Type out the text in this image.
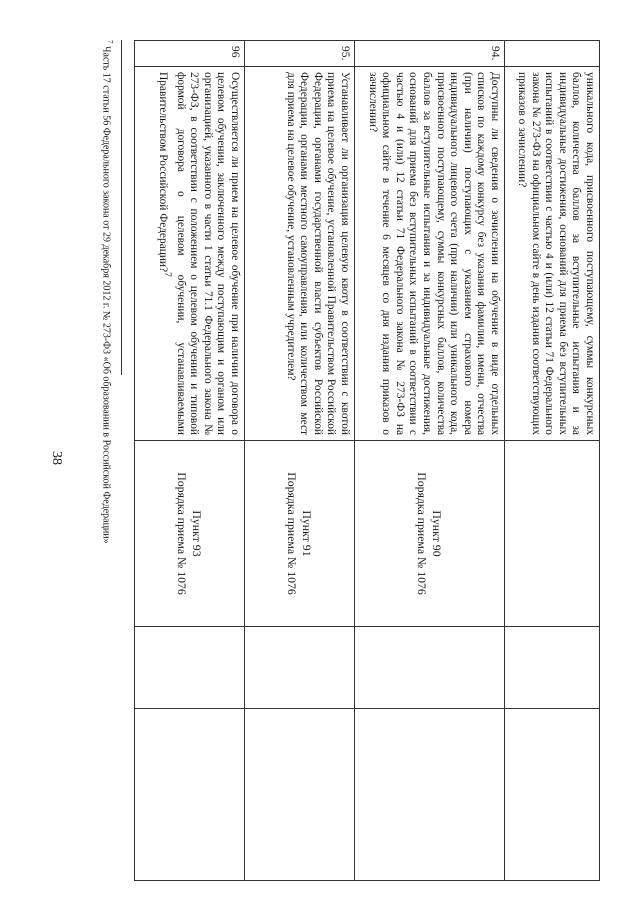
38
	уникального кода, присвоенного поступающему, суммы конкурсных баллов, количества баллов за вступительные испытания и за индивидуальные достижения, оснований для приема без вступительных испытаний в соответствии с частью 4 и (или) 12 статьи 71 Федерального закона № 273-ФЗ на официальном сайте в день издания соответствующих приказов о зачислении?	

94.	Доступны ли сведения о зачислении на обучение в виде отдельных списков по каждому конкурсу без указания фамилии, имени, отчества (при наличии) поступающих с указанием страхового номера индивидуального лицевого счета (при наличии) или уникального кода, присвоенного поступающему, суммы конкурсных баллов, количества баллов за вступительные испытания и за индивидуальные достижения, оснований для приема без вступительных испытаний в соответствии с частью 4 и (или) 12 статьи 71 Федерального закона № 273-ФЗ на официальном сайте в течение 6 месяцев со дня издания приказов о зачислении?	Пункт 90
Порядка приема № 1076		

95.	Устанавливает ли организация целевую квоту в соответствии с квотой приема на целевое обучение, установленной Правительством Российской Федерации, органами государственной власти субъектов Российской Федерации, органами местного самоуправления, или количеством мест для приема на целевое обучение, установленным учредителем?	Пункт 91
Порядка приема № 1076		

96	Осуществляется ли прием на целевое обучение при наличии договора о целевом обучении, заключенного между поступающим и органом или организацией, указанного в части 1 статьи 71.1 Федерального закона № 273-ФЗ, в соответствии с положением о целевом обучении и типовой формой договора о целевом обучении, устанавливаемыми Правительством Российской Федерации?$^7$	Пункт 93
Порядка приема № 1076		

$^7$ Часть 17 статьи 56 Федерального закона от 29 декабря 2012 г. № 273-ФЗ «Об образовании в Российской Федерации»
